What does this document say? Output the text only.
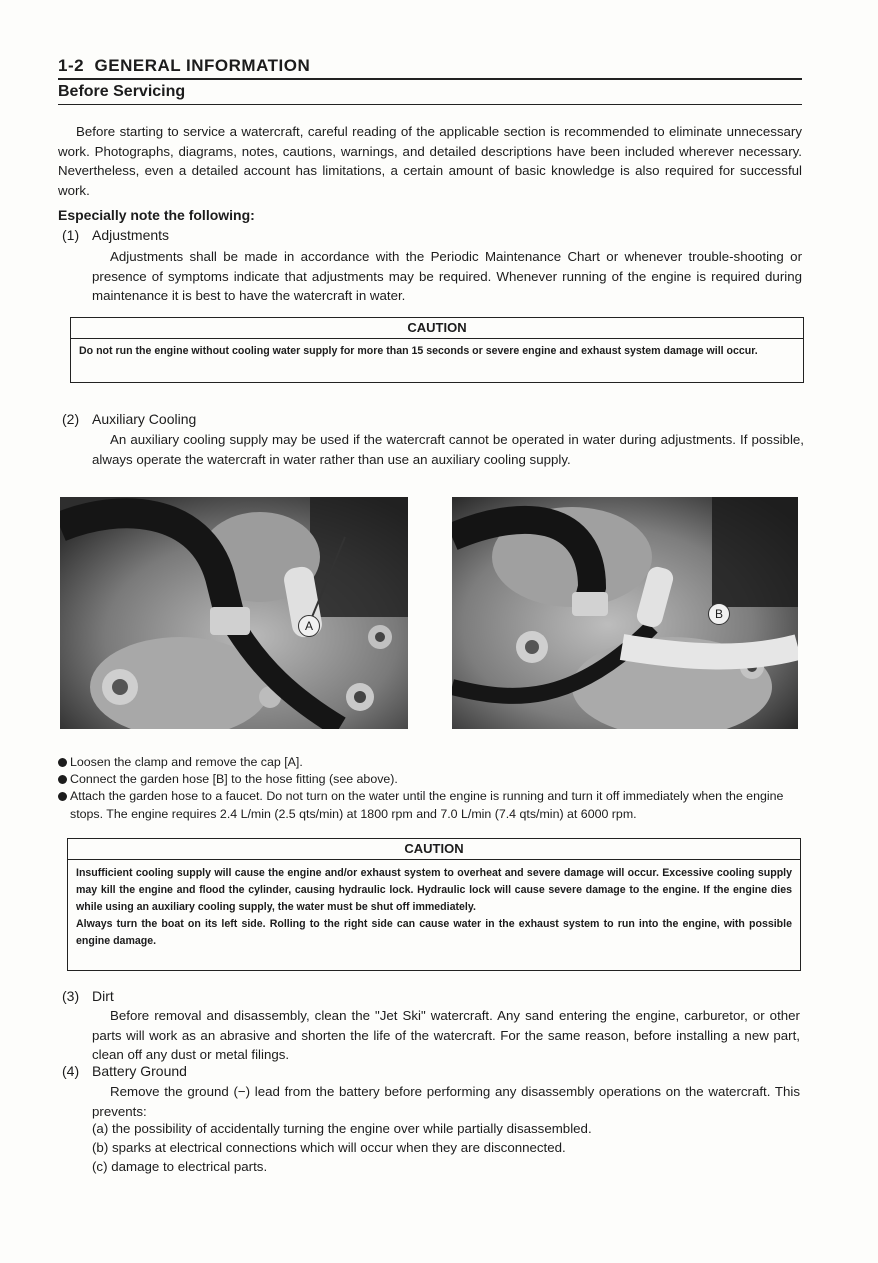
1-2  GENERAL INFORMATION
Before Servicing
Before starting to service a watercraft, careful reading of the applicable section is recommended to eliminate unnecessary work. Photographs, diagrams, notes, cautions, warnings, and detailed descriptions have been included wherever necessary. Nevertheless, even a detailed account has limitations, a certain amount of basic knowledge is also required for successful work.
Especially note the following:
(1) Adjustments
Adjustments shall be made in accordance with the Periodic Maintenance Chart or whenever trouble-shooting or presence of symptoms indicate that adjustments may be required. Whenever running of the engine is required during maintenance it is best to have the watercraft in water.
CAUTION
Do not run the engine without cooling water supply for more than 15 seconds or severe engine and exhaust system damage will occur.
(2) Auxiliary Cooling
An auxiliary cooling supply may be used if the watercraft cannot be operated in water during adjustments. If possible, always operate the watercraft in water rather than use an auxiliary cooling supply.
A
B
Loosen the clamp and remove the cap [A].
Connect the garden hose [B] to the hose fitting (see above).
Attach the garden hose to a faucet. Do not turn on the water until the engine is running and turn it off immediately when the engine stops. The engine requires 2.4 L/min (2.5 qts/min) at 1800 rpm and 7.0 L/min (7.4 qts/min) at 6000 rpm.
CAUTION
Insufficient cooling supply will cause the engine and/or exhaust system to overheat and severe damage will occur. Excessive cooling supply may kill the engine and flood the cylinder, causing hydraulic lock. Hydraulic lock will cause severe damage to the engine. If the engine dies while using an auxiliary cooling supply, the water must be shut off immediately.
Always turn the boat on its left side. Rolling to the right side can cause water in the exhaust system to run into the engine, with possible engine damage.
(3) Dirt
Before removal and disassembly, clean the "Jet Ski" watercraft. Any sand entering the engine, carburetor, or other parts will work as an abrasive and shorten the life of the watercraft. For the same reason, before installing a new part, clean off any dust or metal filings.
(4) Battery Ground
Remove the ground (−) lead from the battery before performing any disassembly operations on the watercraft. This prevents:
(a) the possibility of accidentally turning the engine over while partially disassembled.
(b) sparks at electrical connections which will occur when they are disconnected.
(c) damage to electrical parts.
